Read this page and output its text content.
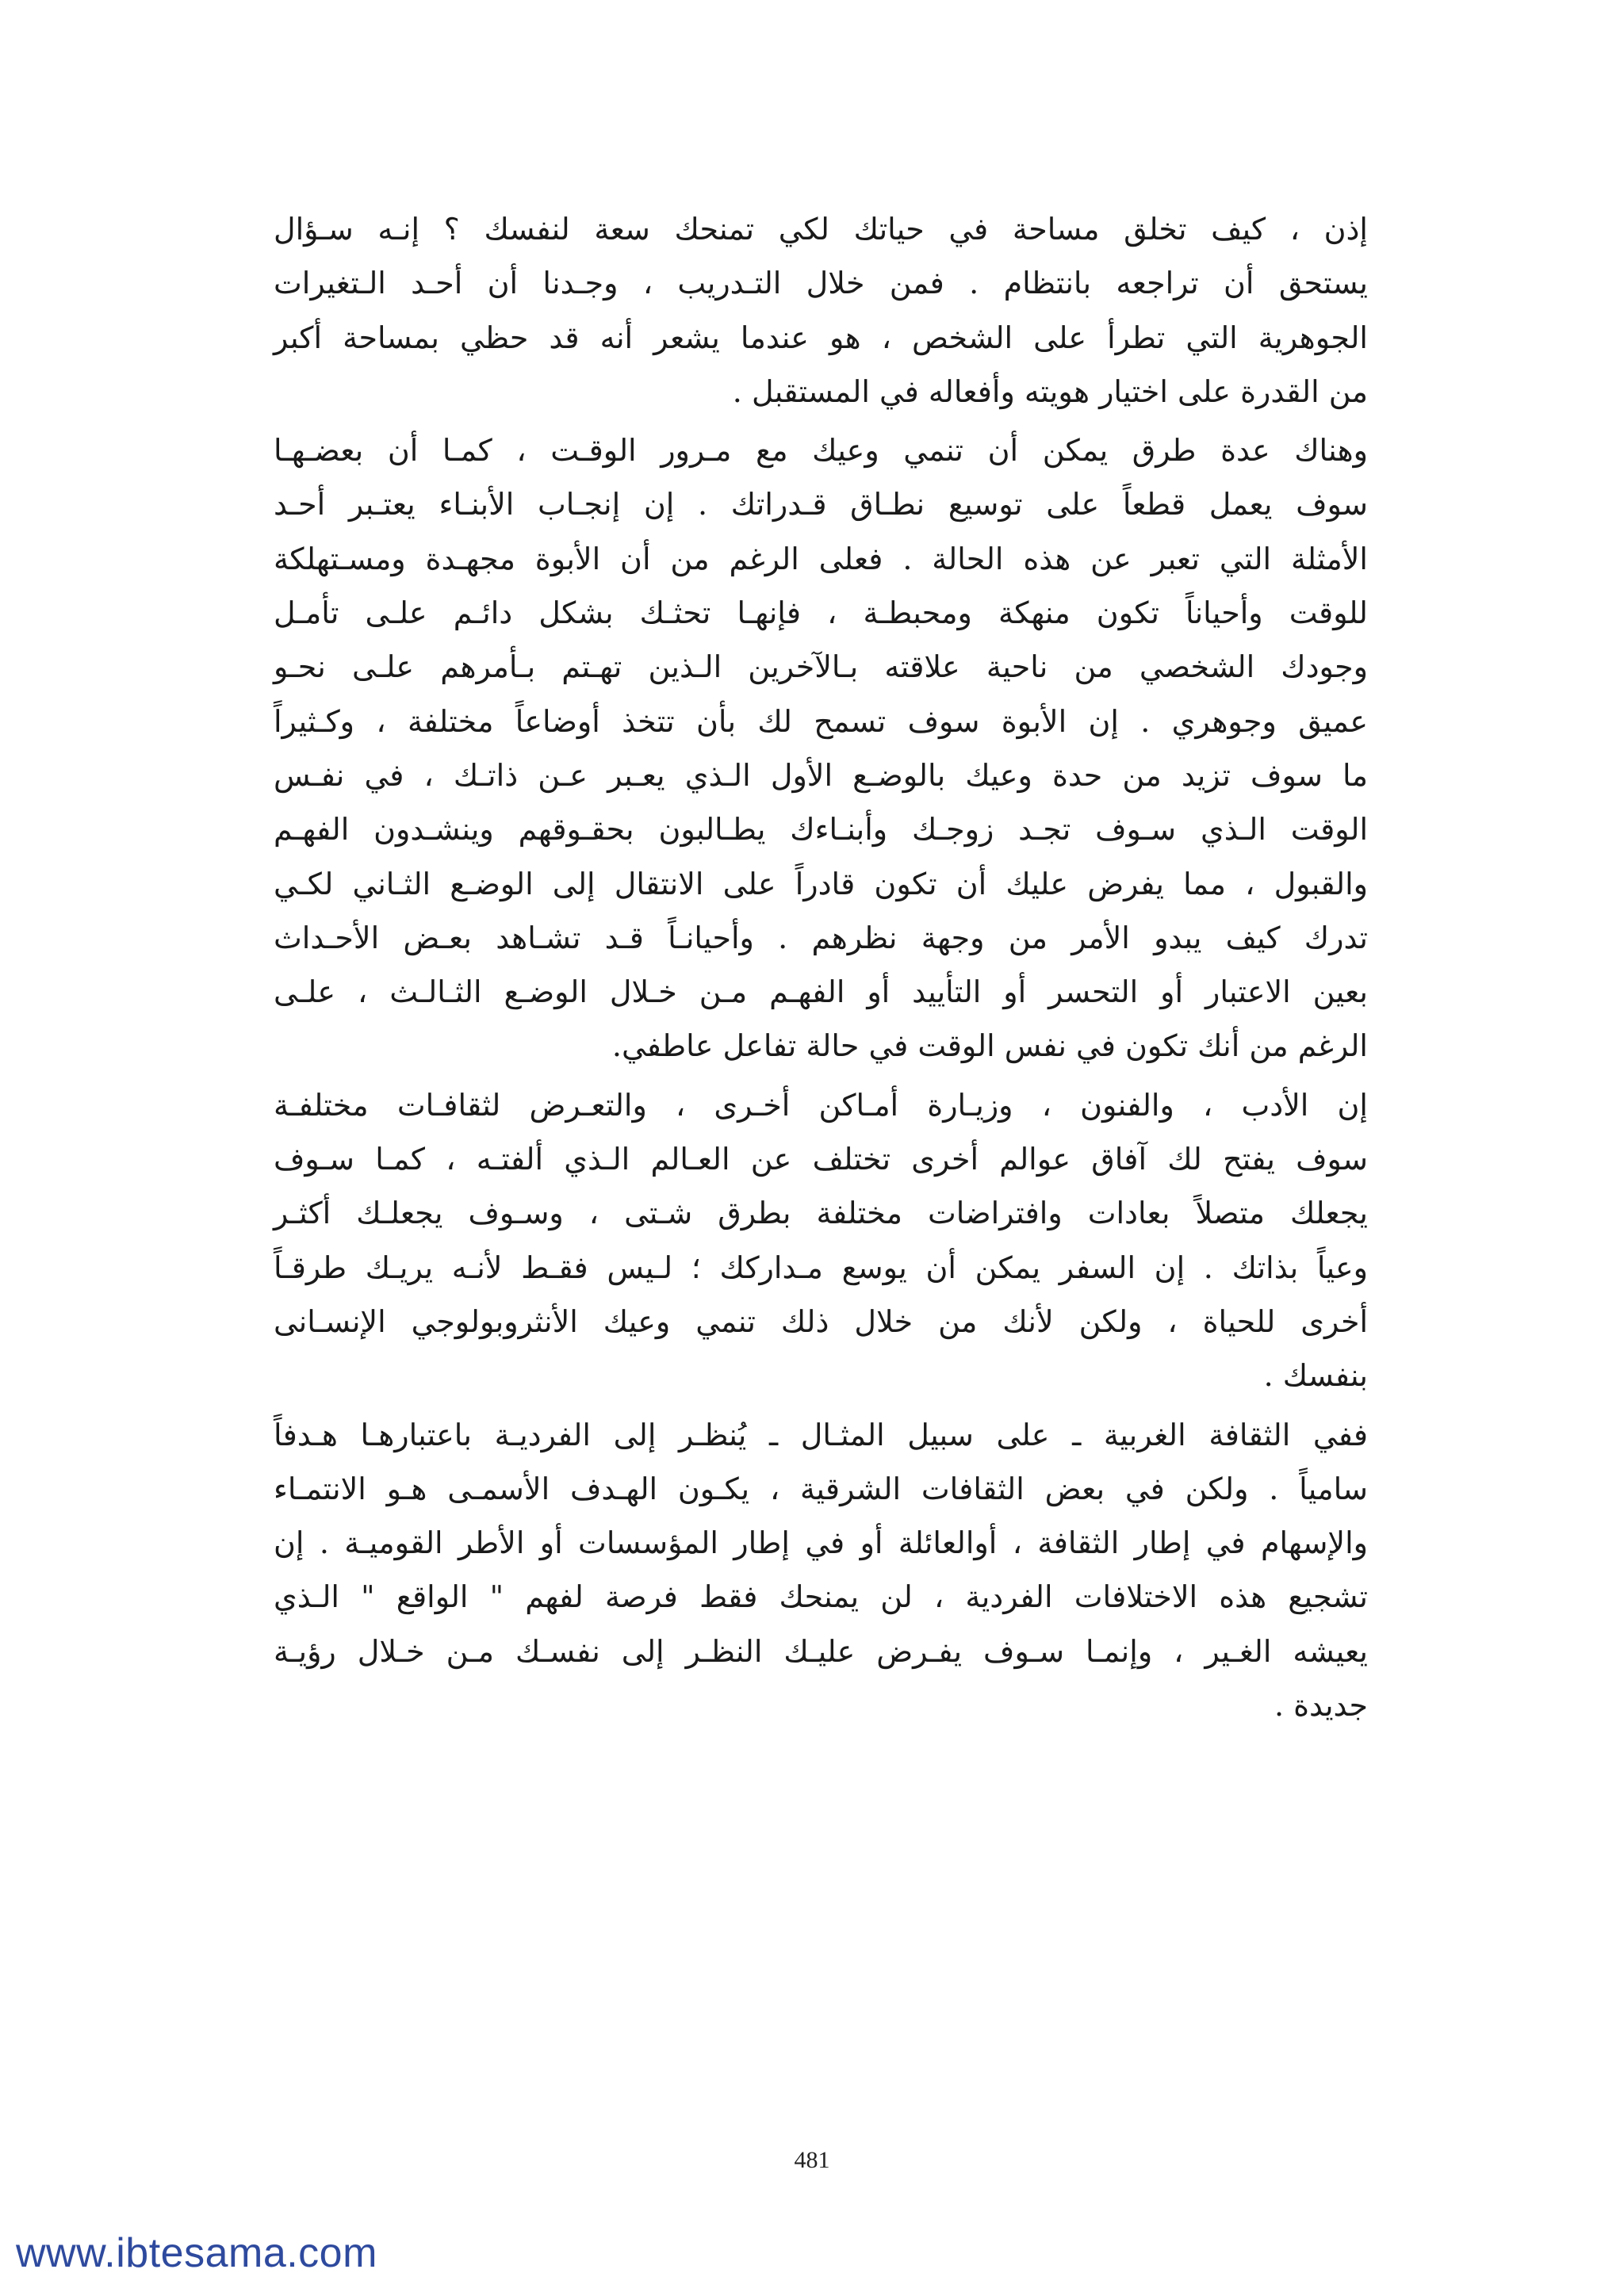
إذن ، كيف تخلق مساحة في حياتك لكي تمنحك سعة لنفسك ؟ إنـه سـؤال
يستحق أن تراجعه بانتظام . فمن خلال التـدريب ، وجـدنا أن أحـد الـتغيرات
الجوهرية التي تطرأ على الشخص ، هو عندما يشعر أنه قد حظي بمساحة أكبر
من القدرة على اختيار هويته وأفعاله في المستقبل .
وهناك عدة طرق يمكن أن تنمي وعيك مع مـرور الوقـت ، كمـا أن بعضـهـا
سوف يعمل قطعاً على توسيع نطـاق قـدراتك . إن إنجـاب الأبنـاء يعتـبر أحـد
الأمثلة التي تعبر عن هذه الحالة . فعلى الرغم من أن الأبوة مجهـدة ومسـتهلكة
للوقت وأحياناً تكون منهكة ومحبطـة ، فإنهـا تحثـك بشكل دائـم علـى تأمـل
وجودك الشخصي من ناحية علاقته بـالآخرين الـذين تهـتم بـأمرهم علـى نحـو
عميق وجوهري . إن الأبوة سوف تسمح لك بأن تتخذ أوضاعاً مختلفة ، وكـثيراً
ما سوف تزيد من حدة وعيك بالوضـع الأول الـذي يعـبر عـن ذاتـك ، في نفـس
الوقت الـذي سـوف تجـد زوجـك وأبنـاءك يطـالبون بحقـوقهم وينشـدون الفهـم
والقبول ، مما يفرض عليك أن تكون قادراً على الانتقال إلى الوضـع الثـاني لكـي
تدرك كيف يبدو الأمر من وجهة نظرهم . وأحيانـاً قـد تشـاهد بعـض الأحـداث
بعين الاعتبار أو التحسر أو التأييد أو الفهـم مـن خـلال الوضـع الثـالـث ، علـى
الرغم من أنك تكون في نفس الوقت في حالة تفاعل عاطفي.
إن الأدب ، والفنون ، وزيـارة أمـاكن أخـرى ، والتعـرض لثقافـات مختلفـة
سوف يفتح لك آفاق عوالم أخرى تختلف عن العـالم الـذي ألفتـه ، كمـا سـوف
يجعلك متصلاً بعادات وافتراضات مختلفة بطرق شـتى ، وسـوف يجعلـك أكثـر
وعياً بذاتك . إن السفر يمكن أن يوسع مـداركك ؛ لـيس فقـط لأنـه يريـك طرقـاً
أخرى للحياة ، ولكن لأنك من خلال ذلك تنمي وعيك الأنثروبولوجي الإنسـانى
بنفسك .
ففي الثقافة الغربية ـ على سبيل المثـال ـ يُنظـر إلى الفرديـة باعتبارهـا هـدفاً
سامياً . ولكن في بعض الثقافات الشرقية ، يكـون الهـدف الأسمـى هـو الانتمـاء
والإسهام في إطار الثقافة ، أوالعائلة أو في إطار المؤسسات أو الأطر القوميـة . إن
تشجيع هذه الاختلافات الفردية ، لن يمنحك فقط فرصة لفهم " الواقع " الـذي
يعيشه الغـير ، وإنمـا سـوف يفـرض عليـك النظـر إلى نفسـك مـن خـلال رؤيـة
جديدة .
481
www.ibtesama.com
